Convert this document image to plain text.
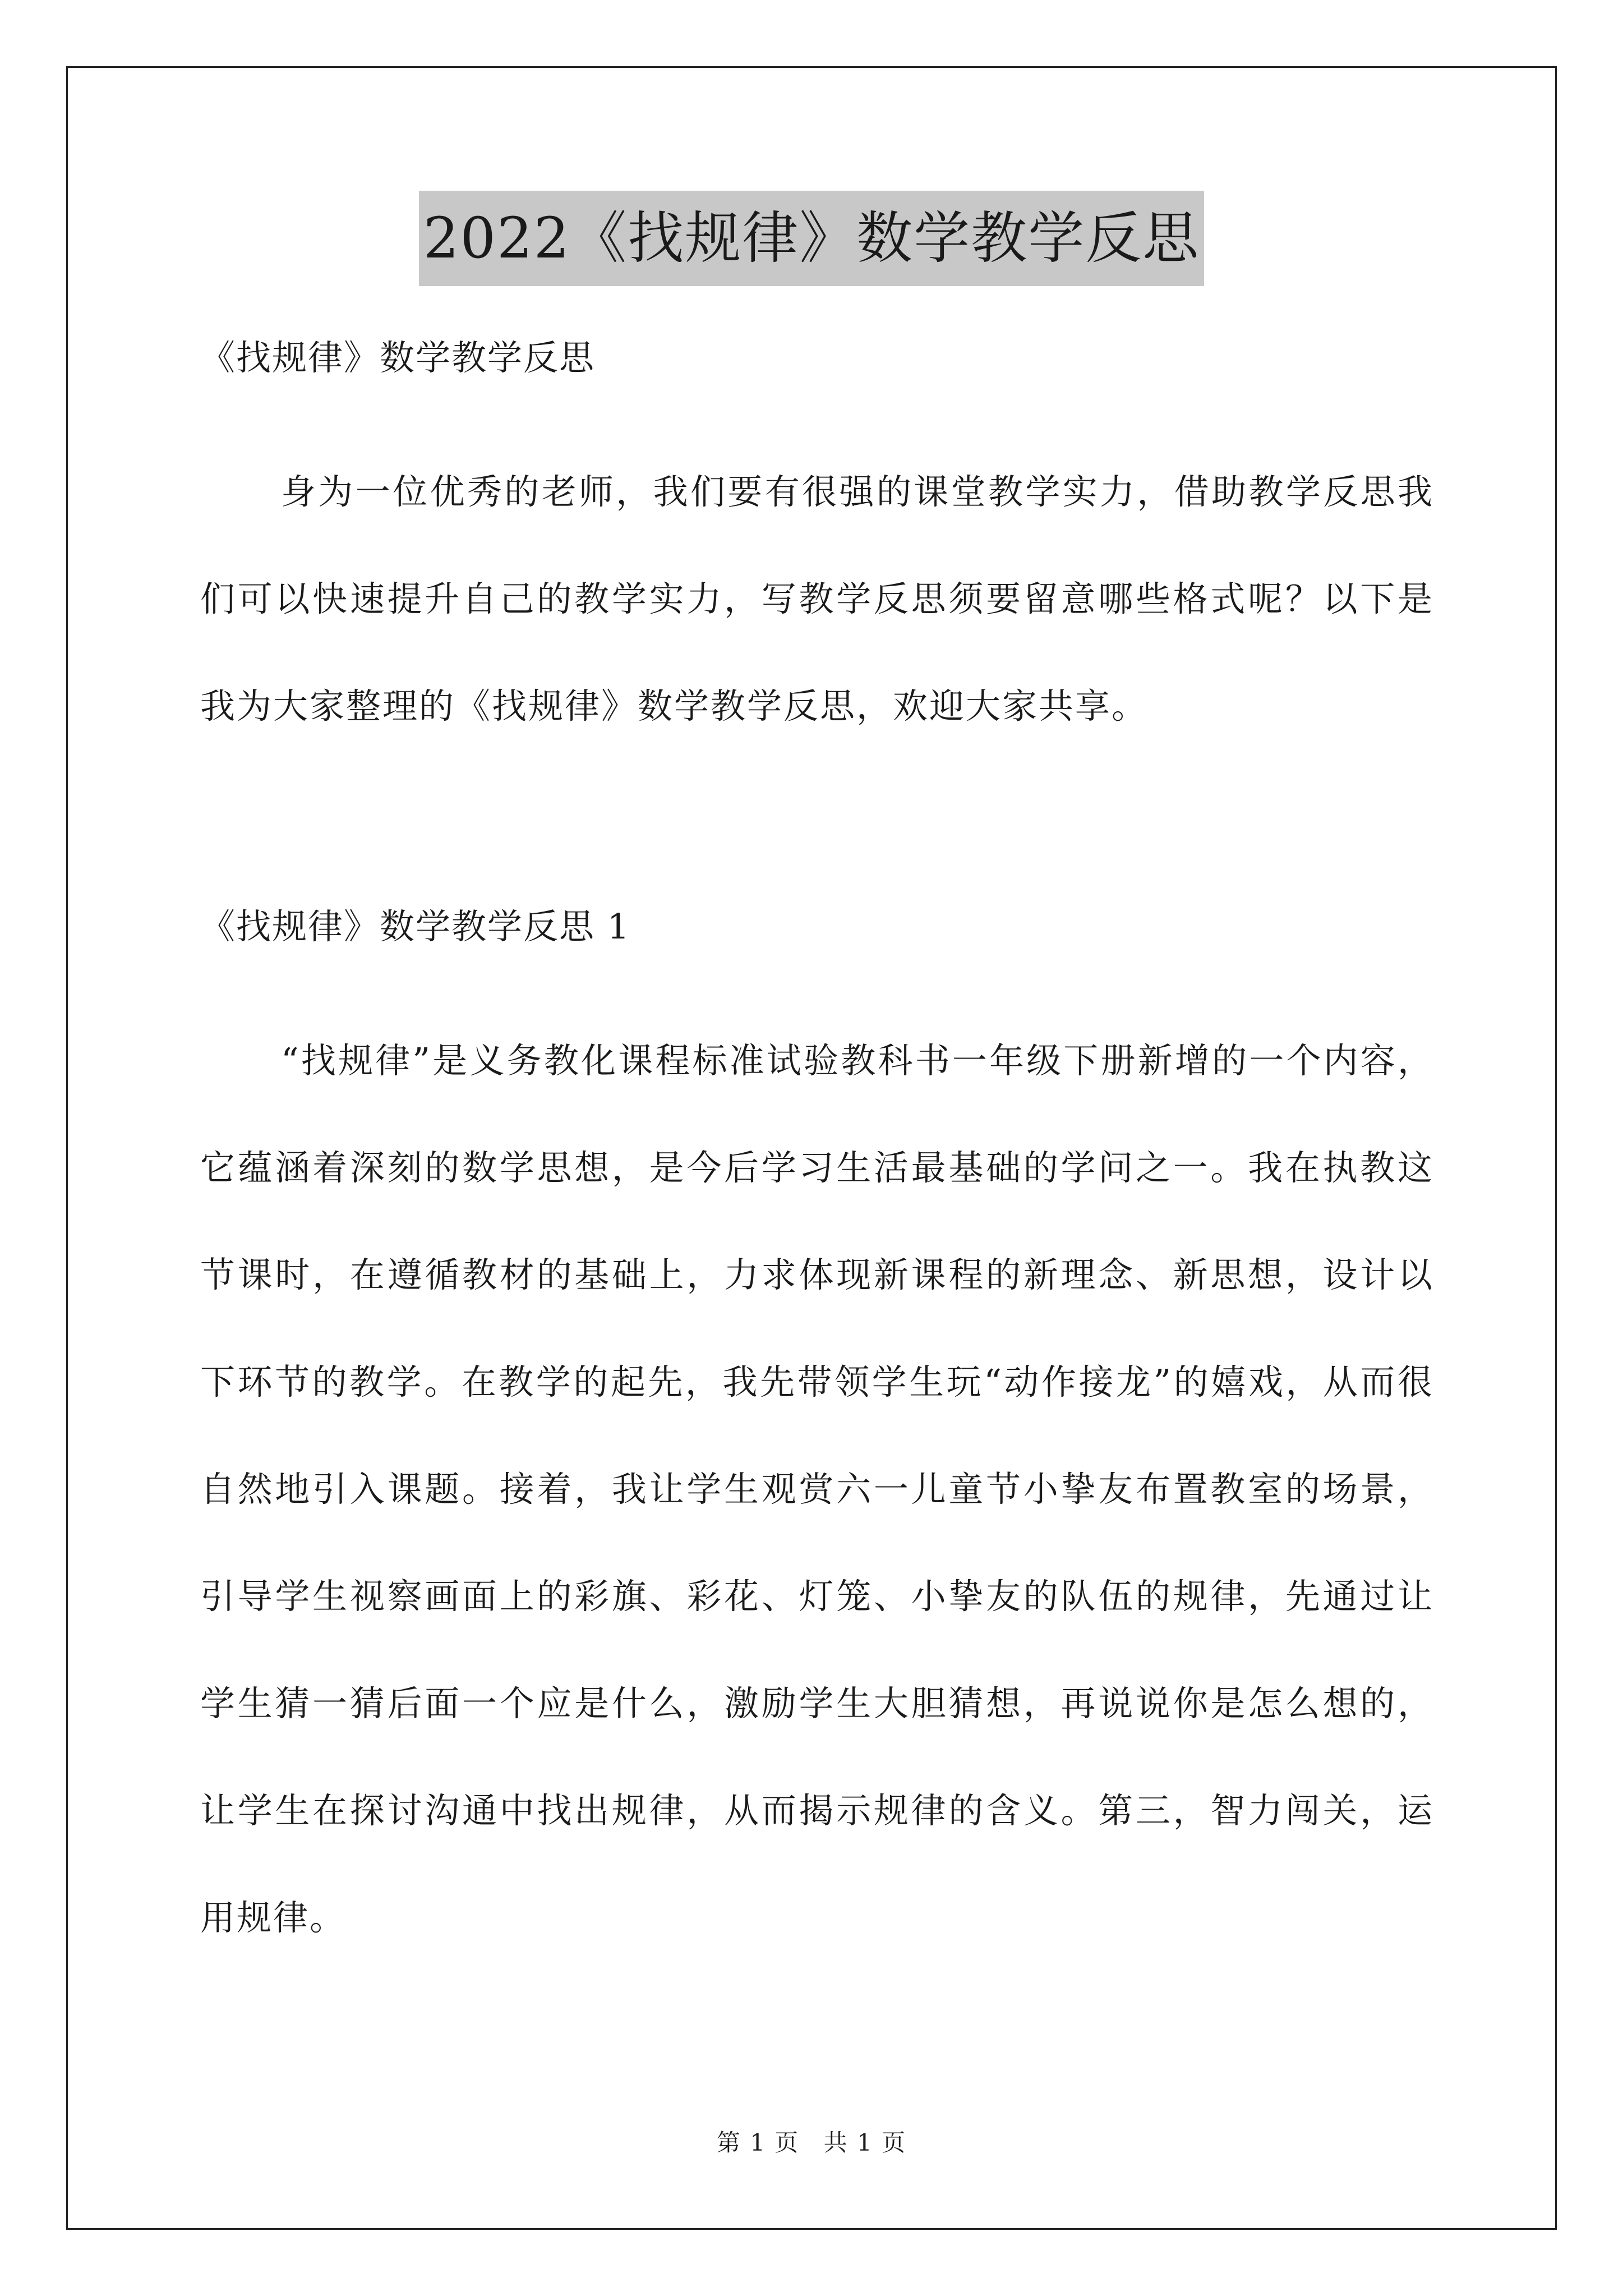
2022《找规律》数学教学反思

《找规律》数学教学反思

身为一位优秀的老师，我们要有很强的课堂教学实力，借助教学反思我们可以快速提升自己的教学实力，写教学反思须要留意哪些格式呢？以下是我为大家整理的《找规律》数学教学反思，欢迎大家共享。

《找规律》数学教学反思 1

“找规律”是义务教化课程标准试验教科书一年级下册新增的一个内容，它蕴涵着深刻的数学思想，是今后学习生活最基础的学问之一。我在执教这节课时，在遵循教材的基础上，力求体现新课程的新理念、新思想，设计以下环节的教学。在教学的起先，我先带领学生玩“动作接龙”的嬉戏，从而很自然地引入课题。接着，我让学生观赏六一儿童节小挚友布置教室的场景，引导学生视察画面上的彩旗、彩花、灯笼、小挚友的队伍的规律，先通过让学生猜一猜后面一个应是什么，激励学生大胆猜想，再说说你是怎么想的，让学生在探讨沟通中找出规律，从而揭示规律的含义。第三，智力闯关，运用规律。

第 1 页 共 1 页
